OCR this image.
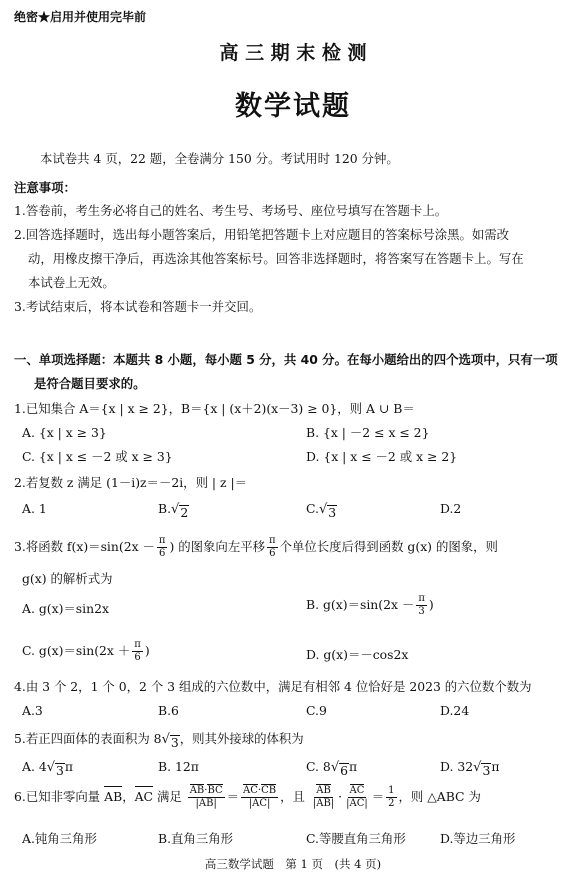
绝密★启用并使用完毕前
高 三 期 末 检 测
数学试题
本试卷共 4 页，22 题，全卷满分 150 分。考试用时 120 分钟。
注意事项：
1.答卷前，考生务必将自己的姓名、考生号、考场号、座位号填写在答题卡上。
2.回答选择题时，选出每小题答案后，用铅笔把答题卡上对应题目的答案标号涂黑。如需改
动，用橡皮擦干净后，再选涂其他答案标号。回答非选择题时，将答案写在答题卡上。写在
本试卷上无效。
3.考试结束后，将本试卷和答题卡一并交回。
一、单项选择题：本题共 8 小题，每小题 5 分，共 40 分。在每小题给出的四个选项中，只有一项
是符合题目要求的。
1.已知集合 A＝{x | x ≥ 2}，B＝{x | (x＋2)(x－3) ≥ 0}，则 A ∪ B＝
A. {x | x ≥ 3}	B. {x | －2 ≤ x ≤ 2}
C. {x | x ≤ －2 或 x ≥ 3}	D. {x | x ≤ －2 或 x ≥ 2}
2.若复数 z 满足 (1－i)z＝－2i，则 | z |＝
A. 1	B. √ 2	C. √ 3	D.2
3.将函数 $f(x)=\sin(2x - \frac{\pi}{6}$ ) 的图象向左平移 $\frac{\pi}{6}$ 个单位长度后得到函数 g(x) 的图象，则
g(x) 的解析式为
A. g(x)＝sin2x	B. $g(x)=\sin(2x - \frac{\pi}{3}$ )
C. $g(x)=\sin(2x + \frac{\pi}{6}$ )	D. g(x)＝－cos2x
4.由 3 个 2，1 个 0，2 个 3 组成的六位数中，满足有相邻 4 位恰好是 2023 的六位数个数为
A.3	B.6	C.9	D.24
5.若正四面体的表面积为 8 √ 3 ，则其外接球的体积为
A. 4 √ 3 π	B. 12π	C. 8 √ 6 π	D. 32 √ 3 π
6.已知非零向量 AB，AC 满足 $\frac{AB\cdot BC}{|AB|} = \frac{AC\cdot CB}{|AC|}$ ，且 $\frac{AB}{|AB|} \cdot \frac{AC}{|AC|} = \frac{1}{2}$ ，则 △ABC 为
A.钝角三角形	B.直角三角形	C.等腰直角三角形	D.等边三角形
高三数学试题　第 1 页　(共 4 页)
